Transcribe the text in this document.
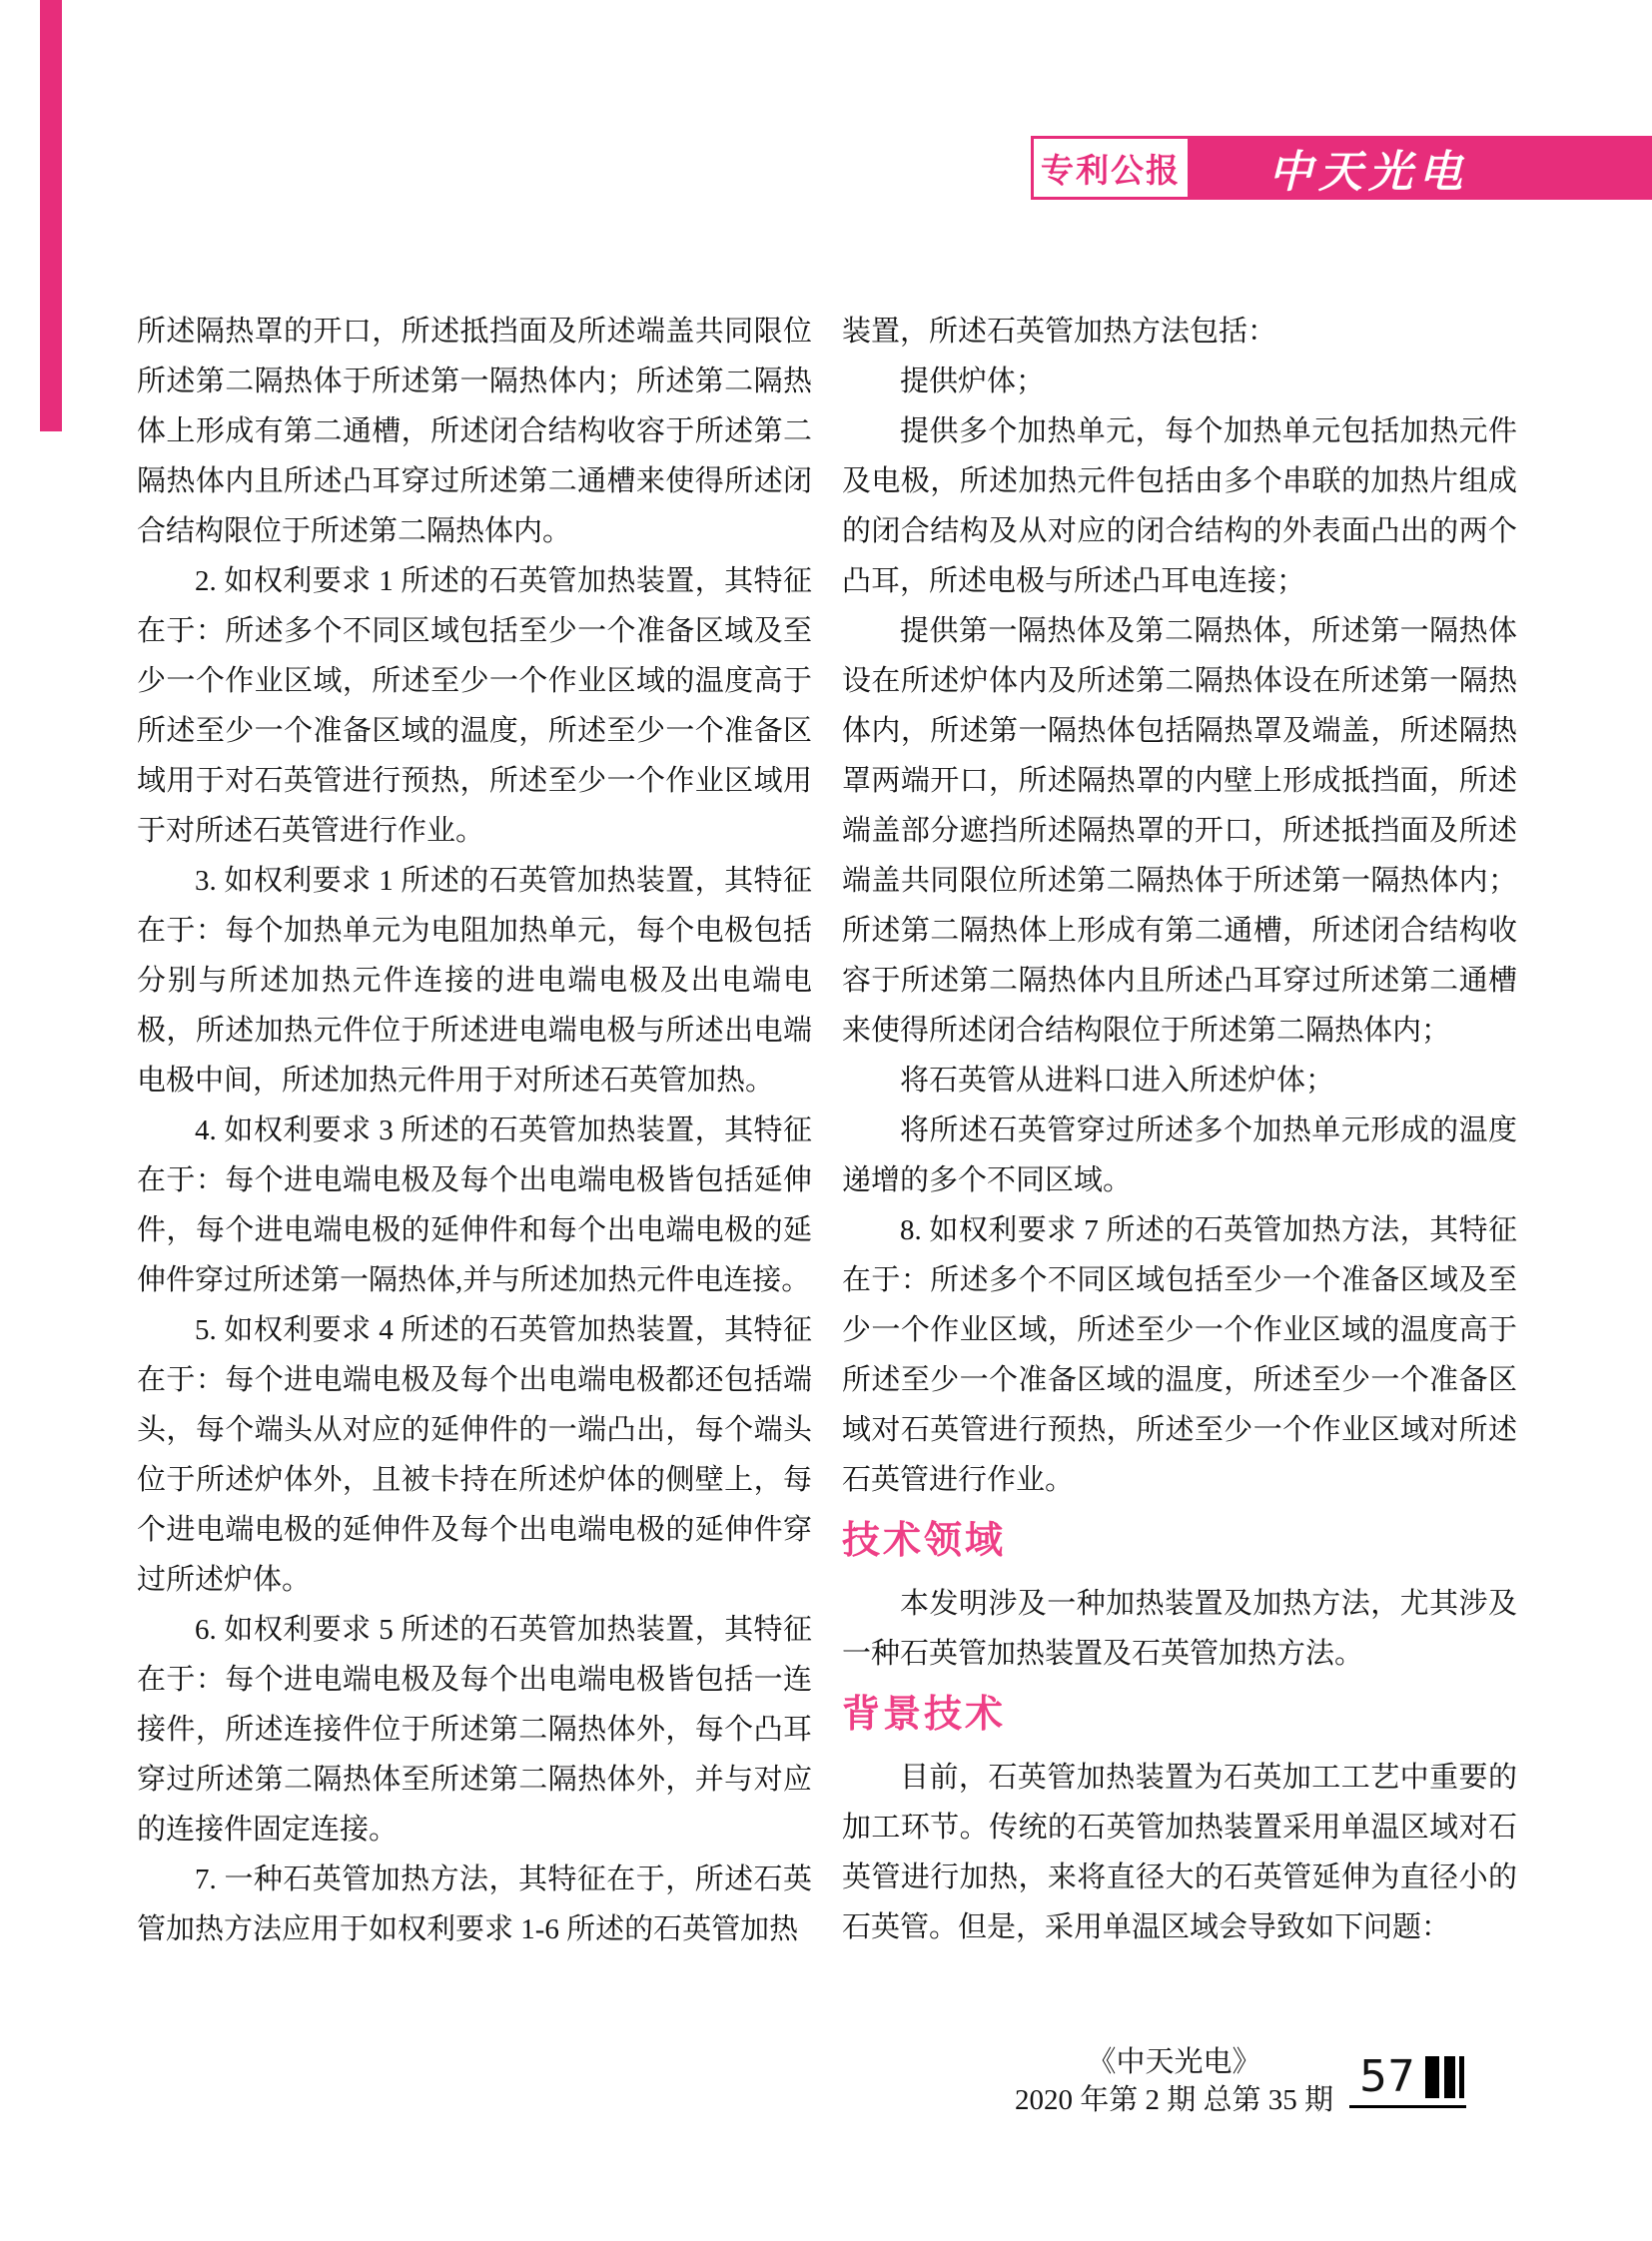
专利公报	中天光电

所述隔热罩的开口，所述抵挡面及所述端盖共同限位所述第二隔热体于所述第一隔热体内；所述第二隔热体上形成有第二通槽，所述闭合结构收容于所述第二隔热体内且所述凸耳穿过所述第二通槽来使得所述闭合结构限位于所述第二隔热体内。

2. 如权利要求 1 所述的石英管加热装置，其特征在于：所述多个不同区域包括至少一个准备区域及至少一个作业区域，所述至少一个作业区域的温度高于所述至少一个准备区域的温度，所述至少一个准备区域用于对石英管进行预热，所述至少一个作业区域用于对所述石英管进行作业。

3. 如权利要求 1 所述的石英管加热装置，其特征在于：每个加热单元为电阻加热单元，每个电极包括分别与所述加热元件连接的进电端电极及出电端电极，所述加热元件位于所述进电端电极与所述出电端电极中间，所述加热元件用于对所述石英管加热。

4. 如权利要求 3 所述的石英管加热装置，其特征在于：每个进电端电极及每个出电端电极皆包括延伸件，每个进电端电极的延伸件和每个出电端电极的延伸件穿过所述第一隔热体,并与所述加热元件电连接。

5. 如权利要求 4 所述的石英管加热装置，其特征在于：每个进电端电极及每个出电端电极都还包括端头，每个端头从对应的延伸件的一端凸出，每个端头位于所述炉体外，且被卡持在所述炉体的侧壁上，每个进电端电极的延伸件及每个出电端电极的延伸件穿过所述炉体。

6. 如权利要求 5 所述的石英管加热装置，其特征在于：每个进电端电极及每个出电端电极皆包括一连接件，所述连接件位于所述第二隔热体外，每个凸耳穿过所述第二隔热体至所述第二隔热体外，并与对应的连接件固定连接。

7. 一种石英管加热方法，其特征在于，所述石英管加热方法应用于如权利要求 1-6 所述的石英管加热

装置，所述石英管加热方法包括：

提供炉体；

提供多个加热单元，每个加热单元包括加热元件及电极，所述加热元件包括由多个串联的加热片组成的闭合结构及从对应的闭合结构的外表面凸出的两个凸耳，所述电极与所述凸耳电连接；

提供第一隔热体及第二隔热体，所述第一隔热体设在所述炉体内及所述第二隔热体设在所述第一隔热体内，所述第一隔热体包括隔热罩及端盖，所述隔热罩两端开口，所述隔热罩的内壁上形成抵挡面，所述端盖部分遮挡所述隔热罩的开口，所述抵挡面及所述端盖共同限位所述第二隔热体于所述第一隔热体内；所述第二隔热体上形成有第二通槽，所述闭合结构收容于所述第二隔热体内且所述凸耳穿过所述第二通槽来使得所述闭合结构限位于所述第二隔热体内；

将石英管从进料口进入所述炉体；

将所述石英管穿过所述多个加热单元形成的温度递增的多个不同区域。

8. 如权利要求 7 所述的石英管加热方法，其特征在于：所述多个不同区域包括至少一个准备区域及至少一个作业区域，所述至少一个作业区域的温度高于所述至少一个准备区域的温度，所述至少一个准备区域对石英管进行预热，所述至少一个作业区域对所述石英管进行作业。

技术领域

本发明涉及一种加热装置及加热方法，尤其涉及一种石英管加热装置及石英管加热方法。

背景技术

目前，石英管加热装置为石英加工工艺中重要的加工环节。传统的石英管加热装置采用单温区域对石英管进行加热，来将直径大的石英管延伸为直径小的石英管。但是，采用单温区域会导致如下问题：

《中天光电》
2020 年第 2 期 总第 35 期 57
